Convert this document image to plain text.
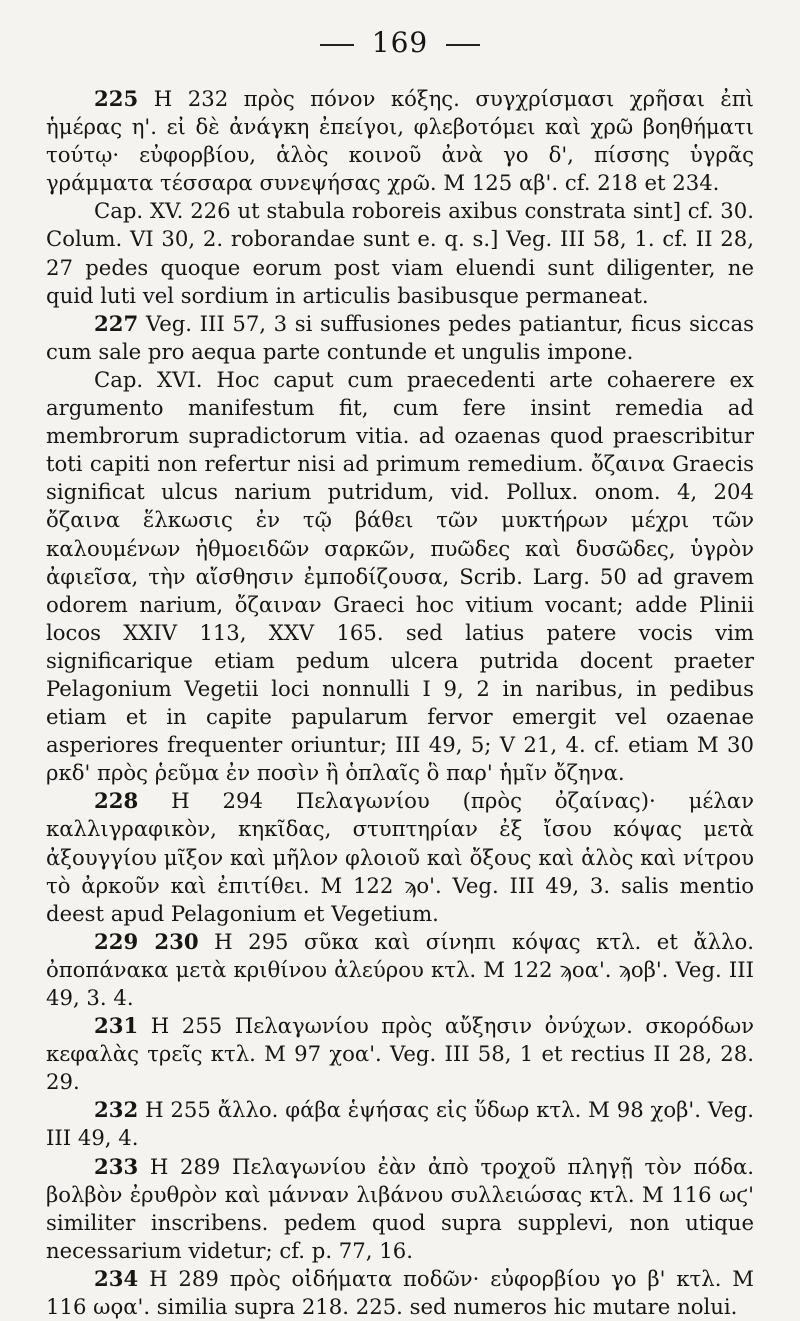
169

225 Η 232 πρὸς πόνον κόξης. συγχρίσμασι χρῆσαι ἐπὶ ἡμέρας η'. εἰ δὲ ἀνάγκη ἐπείγοι, φλεβοτόμει καὶ χρῶ βοηθήματι τούτῳ· εὐφορβίου, ἁλὸς κοινοῦ ἀνὰ γο δ', πίσσης ὑγρᾶς γράμματα τέσσαρα συνεψήσας χρῶ. Μ 125 αβ'. cf. 218 et 234.

Cap. XV. 226 ut stabula roboreis axibus constrata sint] cf. 30. Colum. VI 30, 2. roborandae sunt e. q. s.] Veg. III 58, 1. cf. II 28, 27 pedes quoque eorum post viam eluendi sunt diligenter, ne quid luti vel sordium in articulis basibusque permaneat.

227 Veg. III 57, 3 si suffusiones pedes patiantur, ficus siccas cum sale pro aequa parte contunde et ungulis impone.

Cap. XVI. Hoc caput cum praecedenti arte cohaerere ex argumento manifestum fit, cum fere insint remedia ad membrorum supradictorum vitia. ad ozaenas quod praescribitur toti capiti non refertur nisi ad primum remedium. ὄζαινα Graecis significat ulcus narium putridum, vid. Pollux. onom. 4, 204 ὄζαινα ἕλκωσις ἐν τῷ βάθει τῶν μυκτήρων μέχρι τῶν καλουμένων ἠθμοειδῶν σαρκῶν, πυῶδες καὶ δυσῶδες, ὑγρὸν ἀφιεῖσα, τὴν αἴσθησιν ἐμποδίζουσα, Scrib. Larg. 50 ad gravem odorem narium, ὄζαιναν Graeci hoc vitium vocant; adde Plinii locos XXIV 113, XXV 165. sed latius patere vocis vim significarique etiam pedum ulcera putrida docent praeter Pelagonium Vegetii loci nonnulli I 9, 2 in naribus, in pedibus etiam et in capite papularum fervor emergit vel ozaenae asperiores frequenter oriuntur; III 49, 5; V 21, 4. cf. etiam Μ 30 ρκδ' πρὸς ῥεῦμα ἐν ποσὶν ἢ ὁπλαῖς ὃ παρ' ἡμῖν ὄζηνα.

228 Η 294 Πελαγωνίου (πρὸς ὀζαίνας)· μέλαν καλλιγραφικὸν, κηκῖδας, στυπτηρίαν ἐξ ἴσου κόψας μετὰ ἀξουγγίου μῖξον καὶ μῆλον φλοιοῦ καὶ ὄξους καὶ ἁλὸς καὶ νίτρου τὸ ἀρκοῦν καὶ ἐπιτίθει. Μ 122 ϡο'. Veg. III 49, 3. salis mentio deest apud Pelagonium et Vegetium.

229 230 Η 295 σῦκα καὶ σίνηπι κόψας κτλ. et ἄλλο. ὀποπάνακα μετὰ κριθίνου ἀλεύρου κτλ. Μ 122 ϡοα'. ϡοβ'. Veg. III 49, 3. 4.

231 Η 255 Πελαγωνίου πρὸς αὔξησιν ὀνύχων. σκορόδων κεφαλὰς τρεῖς κτλ. Μ 97 χοα'. Veg. III 58, 1 et rectius II 28, 28. 29.

232 Η 255 ἄλλο. φάβα ἑψήσας εἰς ὕδωρ κτλ. Μ 98 χοβ'. Veg. III 49, 4.

233 Η 289 Πελαγωνίου ἐὰν ἀπὸ τροχοῦ πληγῇ τὸν πόδα. βολβὸν ἐρυθρὸν καὶ μάνναν λιβάνου συλλειώσας κτλ. Μ 116 ωϛ' similiter inscribens. pedem quod supra supplevi, non utique necessarium videtur; cf. p. 77, 16.

234 Η 289 πρὸς οἰδήματα ποδῶν· εὐφορβίου γο β' κτλ. Μ 116 ωϙα'. similia supra 218. 225. sed numeros hic mutare nolui.
